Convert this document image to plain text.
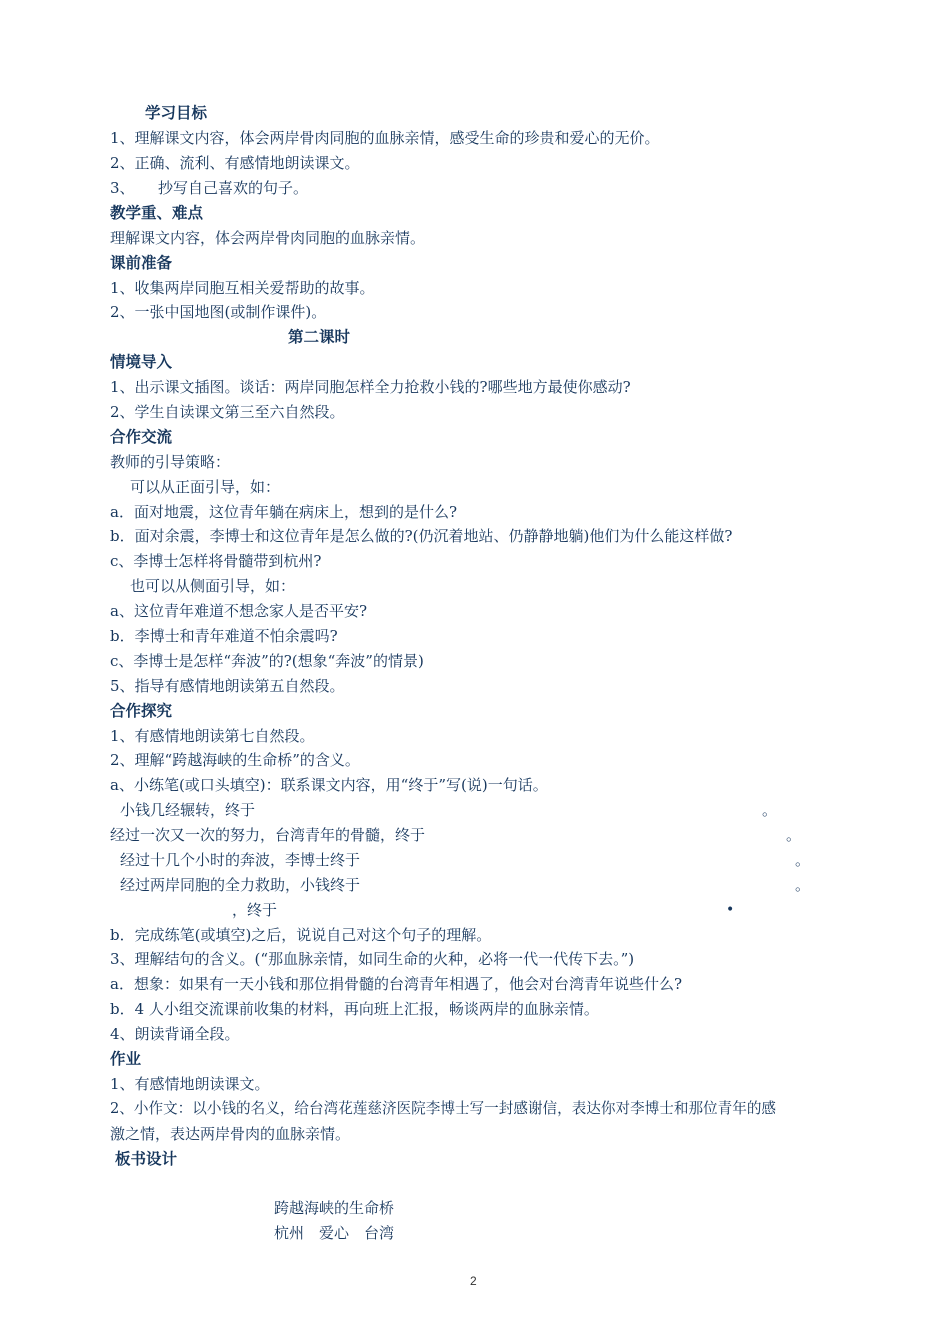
学习目标
1、理解课文内容，体会两岸骨肉同胞的血脉亲情，感受生命的珍贵和爱心的无价。
2、正确、流利、有感情地朗读课文。
3、 抄写自己喜欢的句子。
教学重、难点
理解课文内容，体会两岸骨肉同胞的血脉亲情。
课前准备
1、收集两岸同胞互相关爱帮助的故事。
2、一张中国地图(或制作课件)。
第二课时
情境导入
1、出示课文插图。谈话：两岸同胞怎样全力抢救小钱的?哪些地方最使你感动?
2、学生自读课文第三至六自然段。
合作交流
教师的引导策略：
可以从正面引导，如：
a．面对地震，这位青年躺在病床上，想到的是什么?
b．面对余震，李博士和这位青年是怎么做的?(仍沉着地站、仍静静地躺)他们为什么能这样做?
c、李博士怎样将骨髓带到杭州?
也可以从侧面引导，如：
a、这位青年难道不想念家人是否平安?
b．李博士和青年难道不怕余震吗?
c、李博士是怎样“奔波”的?(想象“奔波”的情景)
5、指导有感情地朗读第五自然段。
合作探究
1、有感情地朗读第七自然段。
2、理解“跨越海峡的生命桥”的含义。
a、小练笔(或口头填空)：联系课文内容，用“终于”写(说)一句话。
小钱几经辗转，终于	。
经过一次又一次的努力，台湾青年的骨髓，终于	。
经过十几个小时的奔波，李博士终于	。
经过两岸同胞的全力救助，小钱终于	。
，终于	•
b．完成练笔(或填空)之后，说说自己对这个句子的理解。
3、理解结句的含义。(“那血脉亲情，如同生命的火种，必将一代一代传下去。”)
a．想象：如果有一天小钱和那位捐骨髓的台湾青年相遇了，他会对台湾青年说些什么?
b．4 人小组交流课前收集的材料，再向班上汇报，畅谈两岸的血脉亲情。
4、朗读背诵全段。
作业
1、有感情地朗读课文。
2、小作文：以小钱的名义，给台湾花莲慈济医院李博士写一封感谢信，表达你对李博士和那位青年的感
激之情，表达两岸骨肉的血脉亲情。
板书设计
跨越海峡的生命桥
杭州　爱心　台湾
2
